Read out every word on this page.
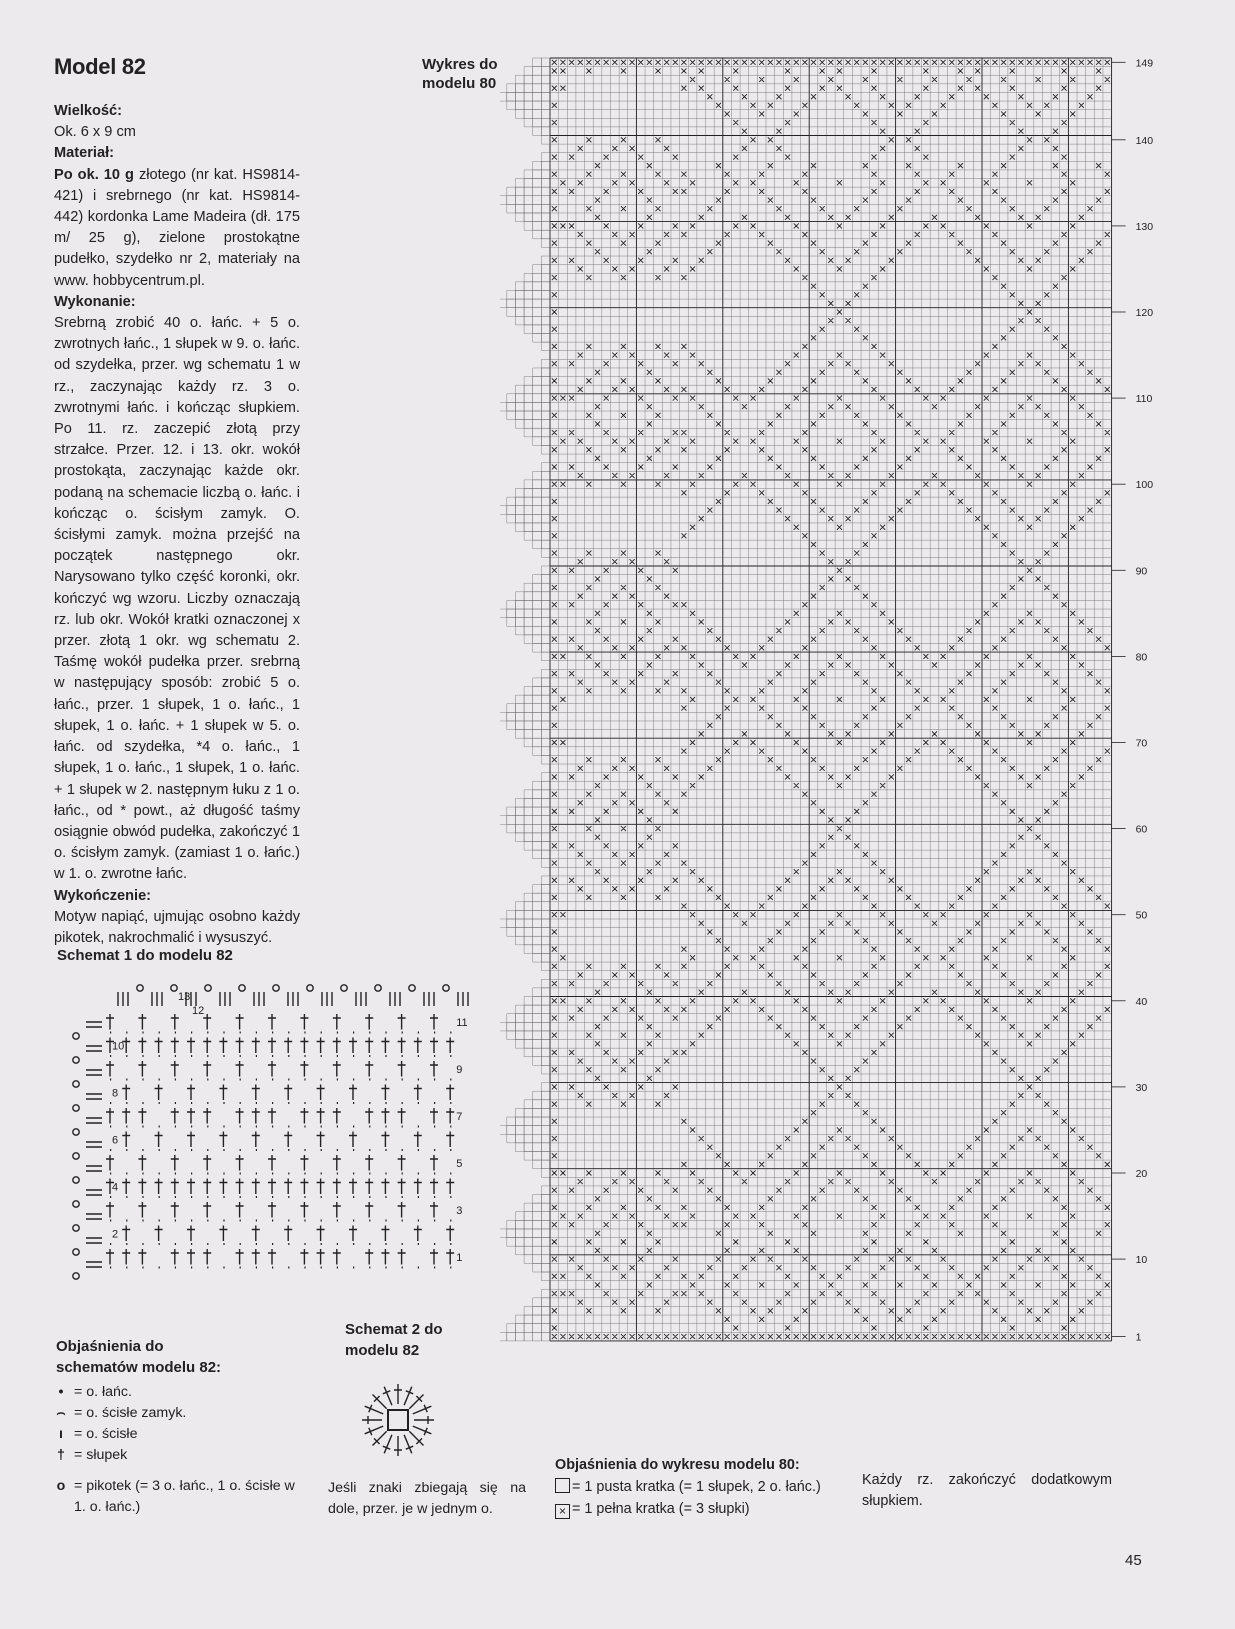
Model 82

Wielkość:

Ok. 6 x 9 cm

Materiał:

Po ok. 10 g złotego (nr kat. HS9814-421) i srebrnego (nr kat. HS9814-442) kordonka Lame Madeira (dł. 175 m/ 25 g), zielone prostokątne pudełko, szydełko nr 2, materiały na www. hobbycentrum.pl.

Wykonanie:

Srebrną zrobić 40 o. łańc. + 5 o. zwrotnych łańc., 1 słupek w 9. o. łańc. od szydełka, przer. wg schematu 1 w rz., zaczynając każdy rz. 3 o. zwrotnymi łańc. i kończąc słupkiem. Po 11. rz. zaczepić złotą przy strzałce. Przer. 12. i 13. okr. wokół prostokąta, zaczynając każde okr. podaną na schemacie liczbą o. łańc. i kończąc o. ścisłym zamyk. O. ścisłymi zamyk. można przejść na początek następnego okr. Narysowano tylko część koronki, okr. kończyć wg wzoru. Liczby oznaczają rz. lub okr. Wokół kratki oznaczonej x przer. złotą 1 okr. wg schematu 2. Taśmę wokół pudełka przer. srebrną w następujący sposób: zrobić 5 o. łańc., przer. 1 słupek, 1 o. łańc., 1 słupek, 1 o. łańc. + 1 słupek w 5. o. łańc. od szydełka, *4 o. łańc., 1 słupek, 1 o. łańc., 1 słupek, 1 o. łańc. + 1 słupek w 2. następnym łuku z 1 o. łańc., od * powt., aż długość taśmy osiągnie obwód pudełka, zakończyć 1 o. ścisłym zamyk. (zamiast 1 o. łańc.) w 1. o. zwrotne łańc.

Wykończenie:

Motyw napiąć, ujmując osobno każdy pikotek, nakrochmalić i wysuszyć.

Schemat 1 do modelu 82
11
9
7
5
3
1
10
8
6
4
2
13
12
Objaśnienia do
schematów modelu 82:
• = o. łańc.
⌢ = o. ścisłe zamyk.
ı = o. ścisłe
† = słupek
o = pikotek (= 3 o. łańc., 1 o. ścisłe w 1. o. łańc.)
Schemat 2 do
modelu 82
Jeśli znaki zbiegają się na dole, przer. je w jednym o.
Wykres do
modelu 80
149
140
130
120
110
100
90
80
70
60
50
40
30
20
10
1
Objaśnienia do wykresu modelu 80:
= 1 pusta kratka (= 1 słupek, 2 o. łańc.)
× = 1 pełna kratka (= 3 słupki)
Każdy rz. zakończyć dodatkowym słupkiem.
45
